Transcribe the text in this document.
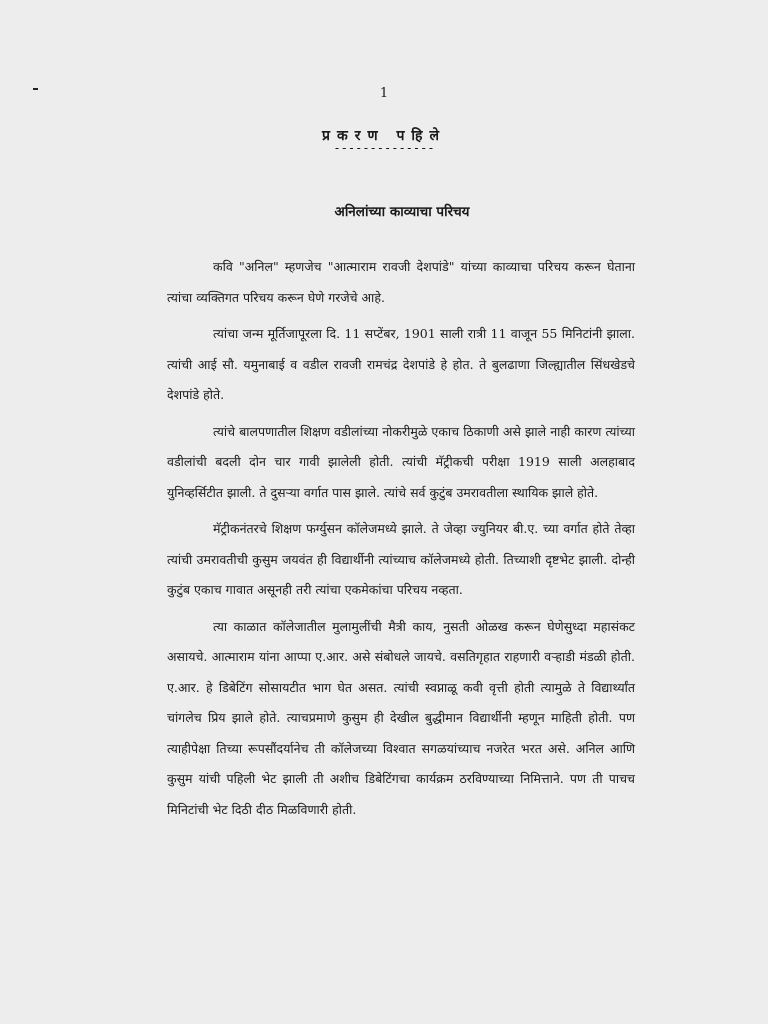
1
प्रकरण पहिले
--------------
अनिलांच्या काव्याचा परिचय

कवि "अनिल" म्हणजेच "आत्माराम रावजी देशपांडे" यांच्या काव्याचा परिचय करून घेताना त्यांचा व्यक्तिगत परिचय करून घेणे गरजेचे आहे.

त्यांचा जन्म मूर्तिजापूरला दि. 11 सप्टेंबर, 1901 साली रात्री 11 वाजून 55 मिनिटांनी झाला. त्यांची आई सौ. यमुनाबाई व वडील रावजी रामचंद्र देशपांडे हे होत. ते बुलढाणा जिल्ह्यातील सिंधखेडचे देशपांडे होते.

त्यांचे बालपणातील शिक्षण वडीलांच्या नोकरीमुळे एकाच ठिकाणी असे झाले नाही कारण त्यांच्या वडीलांची बदली दोन चार गावी झालेली होती. त्यांची मॅट्रीकची परीक्षा 1919 साली अलहाबाद युनिव्हर्सिटीत झाली. ते दुसऱ्या वर्गात पास झाले. त्यांचे सर्व कुटुंब उमरावतीला स्थायिक झाले होते.

मॅट्रीकनंतरचे शिक्षण फर्ग्युसन कॉलेजमध्ये झाले. ते जेव्हा ज्युनियर बी.ए. च्या वर्गात होते तेव्हा त्यांची उमरावतीची कुसुम जयवंत ही विद्यार्थीनी त्यांच्याच कॉलेजमध्ये होती. तिच्याशी दृष्टभेट झाली. दोन्ही कुटुंब एकाच गावात असूनही तरी त्यांचा एकमेकांचा परिचय नव्हता.

त्या काळात कॉलेजातील मुलामुलींची मैत्री काय, नुसती ओळख करून घेणेसुध्दा महासंकट असायचे. आत्माराम यांना आप्पा ए.आर. असे संबोधले जायचे. वसतिगृहात राहणारी वऱ्हाडी मंडळी होती. ए.आर. हे डिबेटिंग सोसायटीत भाग घेत असत. त्यांची स्वप्नाळू कवी वृत्ती होती त्यामुळे ते विद्यार्थ्यांत चांगलेच प्रिय झाले होते. त्याचप्रमाणे कुसुम ही देखील बुद्धीमान विद्यार्थीनी म्हणून माहिती होती. पण त्याहीपेक्षा तिच्या रूपसौंदर्यानेच ती कॉलेजच्या विश्वात सगळयांच्याच नजरेत भरत असे. अनिल आणि कुसुम यांची पहिली भेट झाली ती अशीच डिबेटिंगचा कार्यक्रम ठरविण्याच्या निमित्ताने. पण ती पाचच मिनिटांची भेट दिठी दीठ मिळविणारी होती.
